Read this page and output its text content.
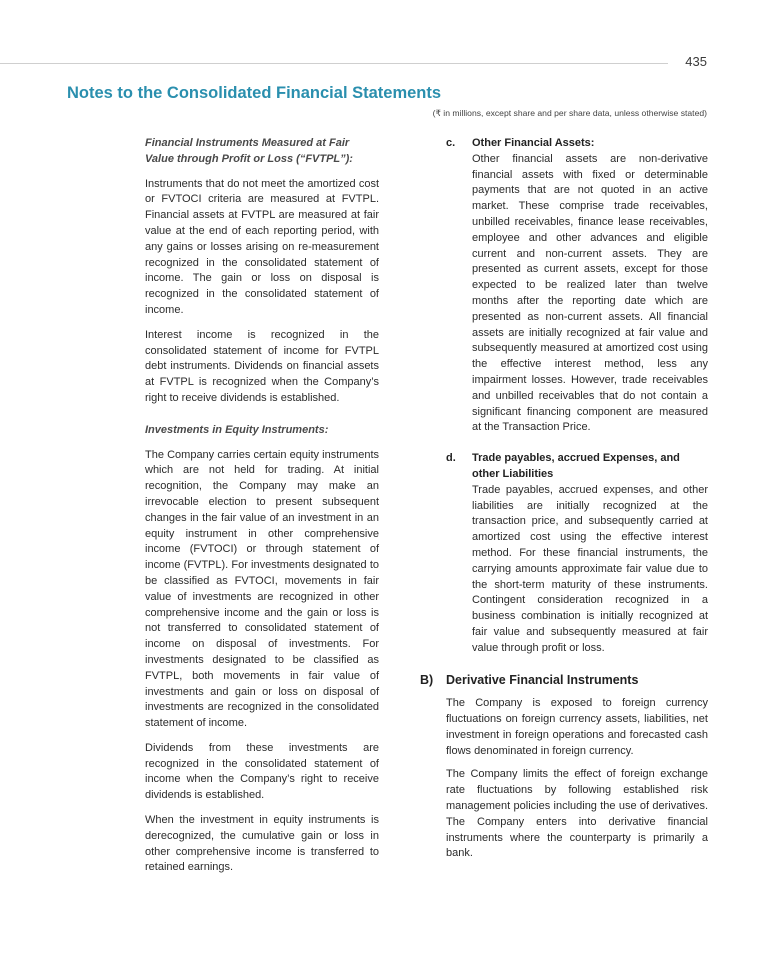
435
Notes to the Consolidated Financial Statements
(₹ in millions, except share and per share data, unless otherwise stated)
Financial Instruments Measured at Fair Value through Profit or Loss (“FVTPL”):

Instruments that do not meet the amortized cost or FVTOCI criteria are measured at FVTPL. Financial assets at FVTPL are measured at fair value at the end of each reporting period, with any gains or losses arising on re-measurement recognized in the consolidated statement of income. The gain or loss on disposal is recognized in the consolidated statement of income.

Interest income is recognized in the consolidated statement of income for FVTPL debt instruments. Dividends on financial assets at FVTPL is recognized when the Company’s right to receive dividends is established.

Investments in Equity Instruments:

The Company carries certain equity instruments which are not held for trading. At initial recognition, the Company may make an irrevocable election to present subsequent changes in the fair value of an investment in an equity instrument in other comprehensive income (FVTOCI) or through statement of income (FVTPL). For investments designated to be classified as FVTOCI, movements in fair value of investments are recognized in other comprehensive income and the gain or loss is not transferred to consolidated statement of income on disposal of investments. For investments designated to be classified as FVTPL, both movements in fair value of investments and gain or loss on disposal of investments are recognized in the consolidated statement of income.

Dividends from these investments are recognized in the consolidated statement of income when the Company’s right to receive dividends is established.

When the investment in equity instruments is derecognized, the cumulative gain or loss in other comprehensive income is transferred to retained earnings.

c. Other Financial Assets:
Other financial assets are non-derivative financial assets with fixed or determinable payments that are not quoted in an active market. These comprise trade receivables, unbilled receivables, finance lease receivables, employee and other advances and eligible current and non-current assets. They are presented as current assets, except for those expected to be realized later than twelve months after the reporting date which are presented as non-current assets. All financial assets are initially recognized at fair value and subsequently measured at amortized cost using the effective interest method, less any impairment losses. However, trade receivables and unbilled receivables that do not contain a significant financing component are measured at the Transaction Price.
d. Trade payables, accrued Expenses, and other Liabilities
Trade payables, accrued expenses, and other liabilities are initially recognized at the transaction price, and subsequently carried at amortized cost using the effective interest method. For these financial instruments, the carrying amounts approximate fair value due to the short-term maturity of these instruments. Contingent consideration recognized in a business combination is initially recognized at fair value and subsequently measured at fair value through profit or loss.
B) Derivative Financial Instruments

The Company is exposed to foreign currency fluctuations on foreign currency assets, liabilities, net investment in foreign operations and forecasted cash flows denominated in foreign currency.

The Company limits the effect of foreign exchange rate fluctuations by following established risk management policies including the use of derivatives. The Company enters into derivative financial instruments where the counterparty is primarily a bank.
